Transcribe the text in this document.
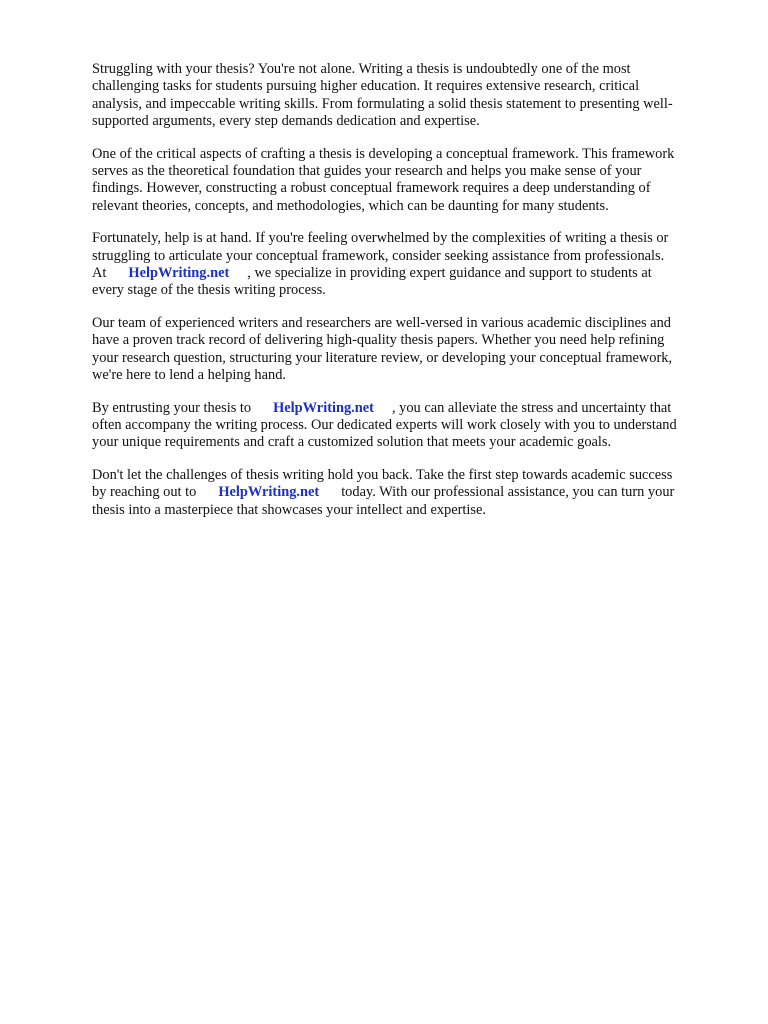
Struggling with your thesis? You're not alone. Writing a thesis is undoubtedly one of the most
challenging tasks for students pursuing higher education. It requires extensive research, critical
analysis, and impeccable writing skills. From formulating a solid thesis statement to presenting well-
supported arguments, every step demands dedication and expertise.

One of the critical aspects of crafting a thesis is developing a conceptual framework. This framework
serves as the theoretical foundation that guides your research and helps you make sense of your
findings. However, constructing a robust conceptual framework requires a deep understanding of
relevant theories, concepts, and methodologies, which can be daunting for many students.

Fortunately, help is at hand. If you're feeling overwhelmed by the complexities of writing a thesis or
struggling to articulate your conceptual framework, consider seeking assistance from professionals.
At HelpWriting.net , we specialize in providing expert guidance and support to students at
every stage of the thesis writing process.

Our team of experienced writers and researchers are well-versed in various academic disciplines and
have a proven track record of delivering high-quality thesis papers. Whether you need help refining
your research question, structuring your literature review, or developing your conceptual framework,
we're here to lend a helping hand.

By entrusting your thesis to HelpWriting.net , you can alleviate the stress and uncertainty that
often accompany the writing process. Our dedicated experts will work closely with you to understand
your unique requirements and craft a customized solution that meets your academic goals.

Don't let the challenges of thesis writing hold you back. Take the first step towards academic success
by reaching out to HelpWriting.net today. With our professional assistance, you can turn your
thesis into a masterpiece that showcases your intellect and expertise.
